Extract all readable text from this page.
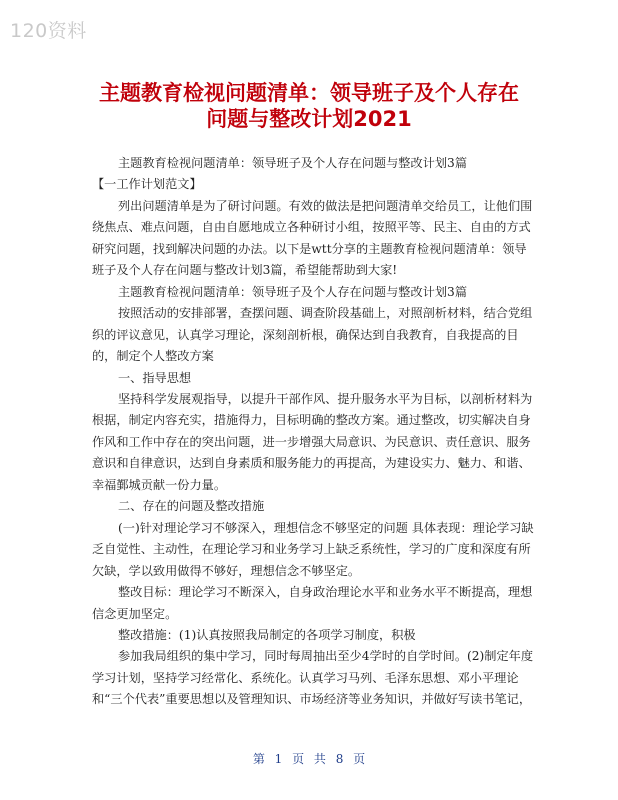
120资料
主题教育检视问题清单：领导班子及个人存在
问题与整改计划2021

主题教育检视问题清单：领导班子及个人存在问题与整改计划3篇

【一工作计划范文】

列出问题清单是为了研讨问题。有效的做法是把问题清单交给员工，让他们围绕焦点、难点问题，自由自愿地成立各种研讨小组，按照平等、民主、自由的方式研究问题，找到解决问题的办法。以下是wtt分享的主题教育检视问题清单：领导班子及个人存在问题与整改计划3篇，希望能帮助到大家!

主题教育检视问题清单：领导班子及个人存在问题与整改计划3篇

按照活动的安排部署，查摆问题、调查阶段基础上，对照剖析材料，结合党组织的评议意见，认真学习理论，深刻剖析根，确保达到自我教育，自我提高的目的，制定个人整改方案

一、指导思想

坚持科学发展观指导，以提升干部作风、提升服务水平为目标，以剖析材料为根据，制定内容充实，措施得力，目标明确的整改方案。通过整改，切实解决自身作风和工作中存在的突出问题，进一步增强大局意识、为民意识、责任意识、服务意识和自律意识，达到自身素质和服务能力的再提高，为建设实力、魅力、和谐、幸福鄞城贡献一份力量。

二、存在的问题及整改措施

(一)针对理论学习不够深入，理想信念不够坚定的问题 具体表现：理论学习缺乏自觉性、主动性，在理论学习和业务学习上缺乏系统性，学习的广度和深度有所欠缺，学以致用做得不够好，理想信念不够坚定。

整改目标：理论学习不断深入，自身政治理论水平和业务水平不断提高，理想信念更加坚定。

整改措施：(1)认真按照我局制定的各项学习制度，积极

参加我局组织的集中学习，同时每周抽出至少4学时的自学时间。(2)制定年度学习计划，坚持学习经常化、系统化。认真学习马列、毛泽东思想、邓小平理论和“三个代表”重要思想以及管理知识、市场经济等业务知识，并做好写读书笔记，

第 1 页 共 8 页
